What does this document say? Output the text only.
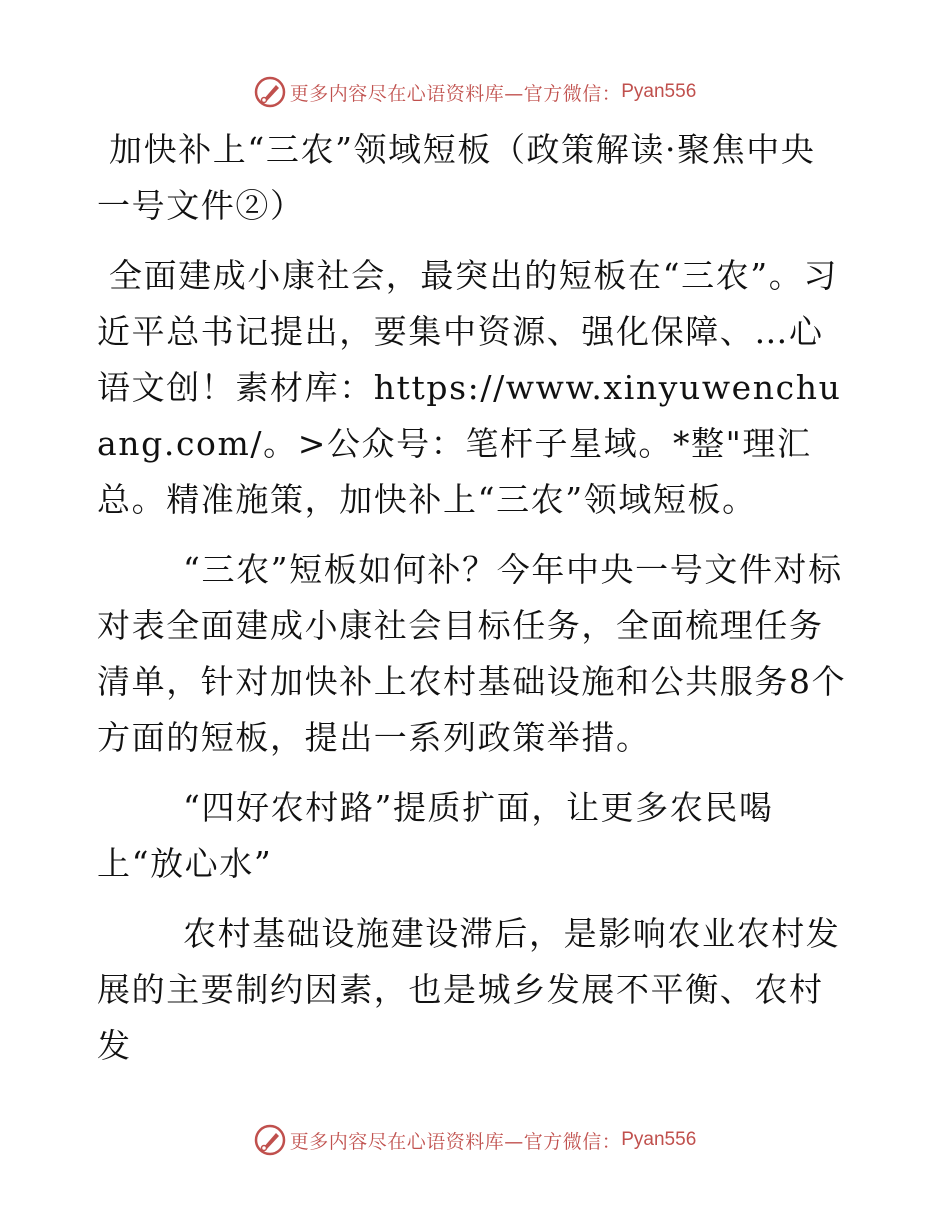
更多内容尽在心语资料库—官方微信： Pyan556

加快补上“三农”领域短板（政策解读·聚焦中央一号文件②）

全面建成小康社会，最突出的短板在“三农”。习近平总书记提出，要集中资源、强化保障、…心语文创！素材库：https://www.xinyuwenchuang.com/。>公众号：笔杆子星域。*整"理汇总。精准施策，加快补上“三农”领域短板。

“三农”短板如何补？今年中央一号文件对标对表全面建成小康社会目标任务，全面梳理任务清单，针对加快补上农村基础设施和公共服务8个方面的短板，提出一系列政策举措。

“四好农村路”提质扩面，让更多农民喝上“放心水”

农村基础设施建设滞后，是影响农业农村发展的主要制约因素，也是城乡发展不平衡、农村发

更多内容尽在心语资料库—官方微信： Pyan556
